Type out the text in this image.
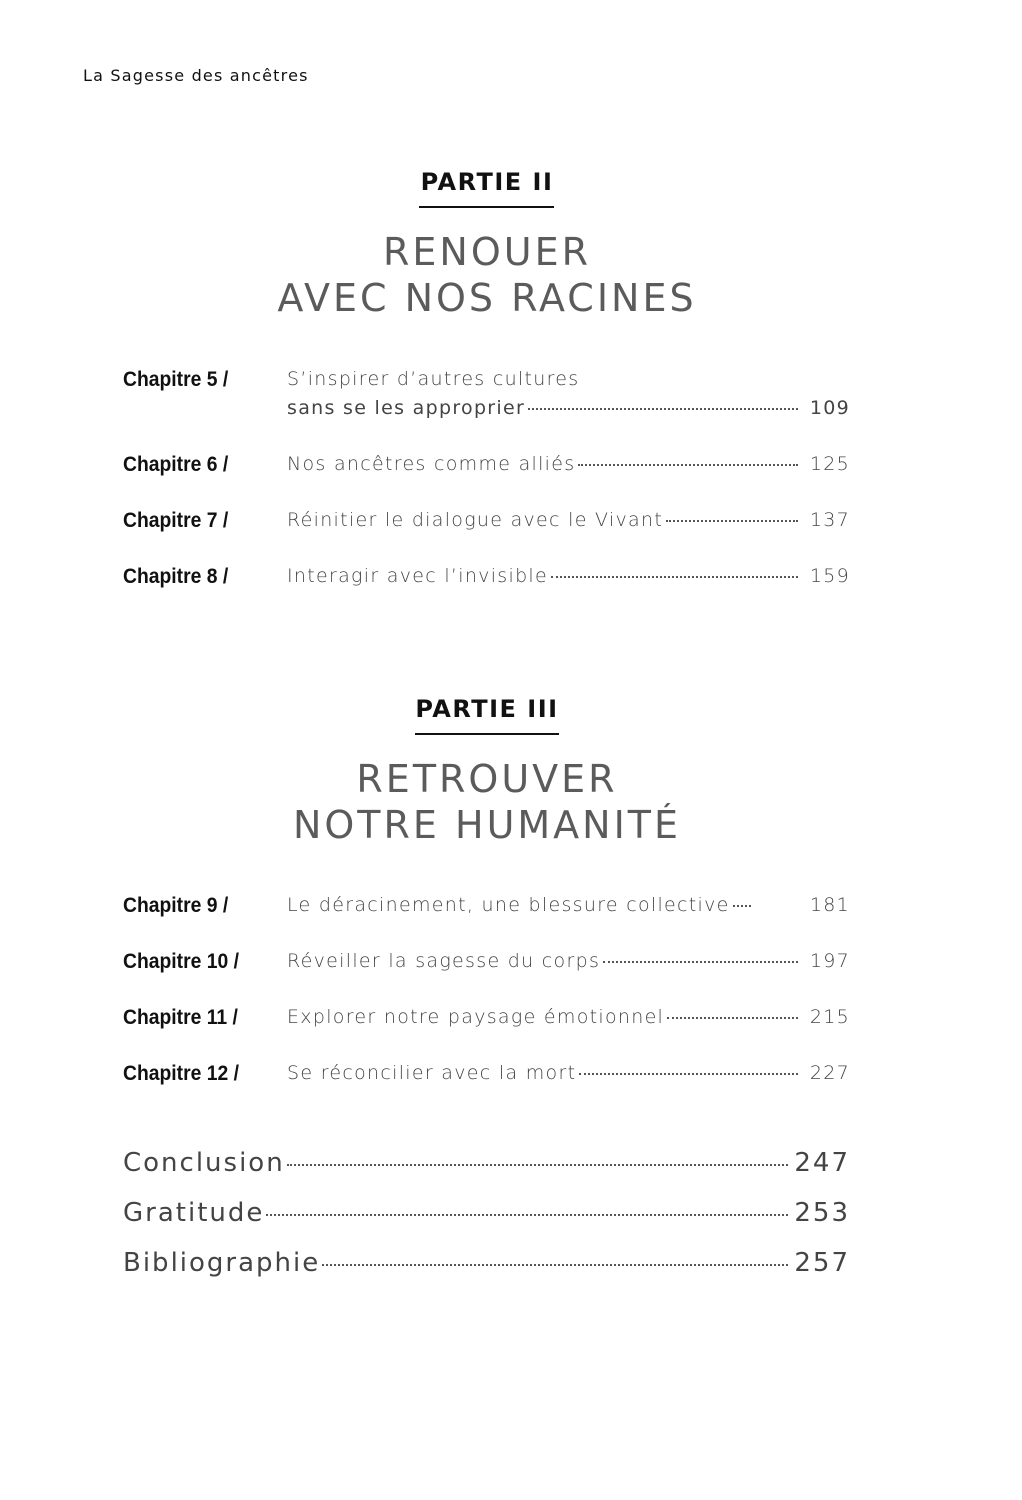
La Sagesse des ancêtres
PARTIE II
RENOUER
AVEC NOS RACINES
Chapitre 5 /	S’inspirer d’autres cultures
sans se les approprier	109
Chapitre 6 /	Nos ancêtres comme alliés	125
Chapitre 7 /	Réinitier le dialogue avec le Vivant	137
Chapitre 8 /	Interagir avec l’invisible	159
PARTIE III
RETROUVER
NOTRE HUMANITÉ
Chapitre 9 /	Le déracinement, une blessure collective	181
Chapitre 10 /	Réveiller la sagesse du corps	197
Chapitre 11 /	Explorer notre paysage émotionnel	215
Chapitre 12 /	Se réconcilier avec la mort	227
Conclusion	247
Gratitude	253
Bibliographie	257
